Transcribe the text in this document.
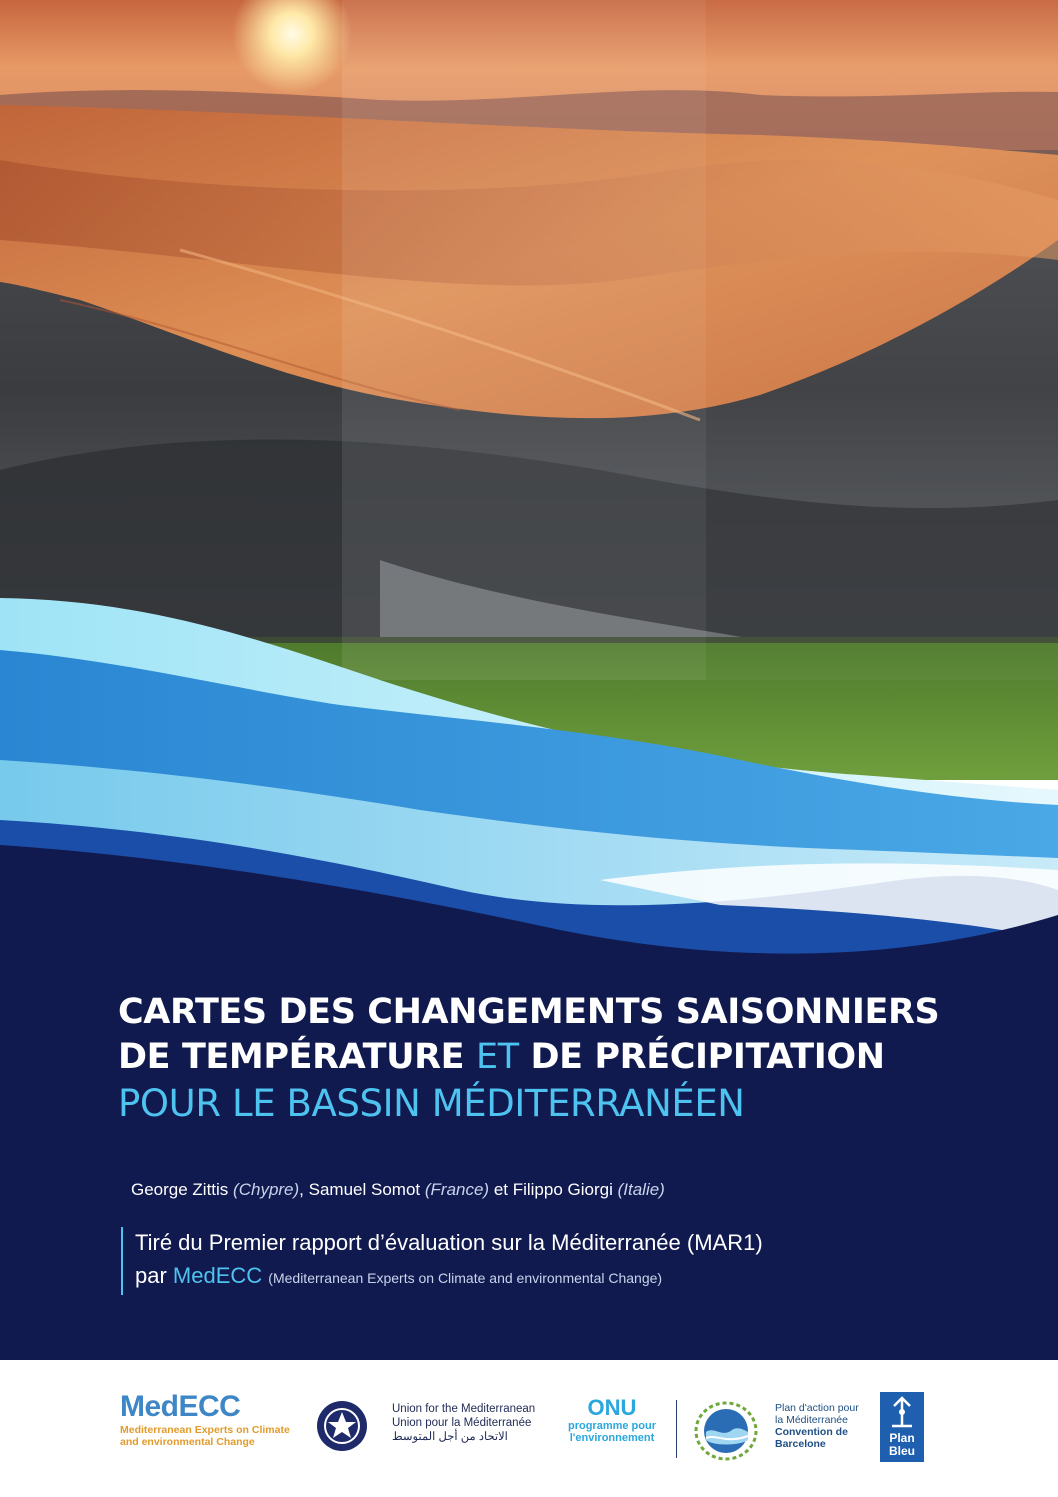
CARTES DES CHANGEMENTS SAISONNIERS

DE TEMPÉRATURE ET DE PRÉCIPITATION

POUR LE BASSIN MÉDITERRANÉEN

George Zittis (Chypre), Samuel Somot (France) et Filippo Giorgi (Italie)
Tiré du Premier rapport d’évaluation sur la Méditerranée (MAR1)
par MedECC (Mediterranean Experts on Climate and environmental Change)
MedECC
Mediterranean Experts on Climate
and environmental Change
Union for the Mediterranean
Union pour la Méditerranée
الاتحاد من أجل المتوسط
ONU
programme pour
l'environnement
Plan d'action pour
la Méditerranée
Convention de
Barcelone	Plan
Bleu
